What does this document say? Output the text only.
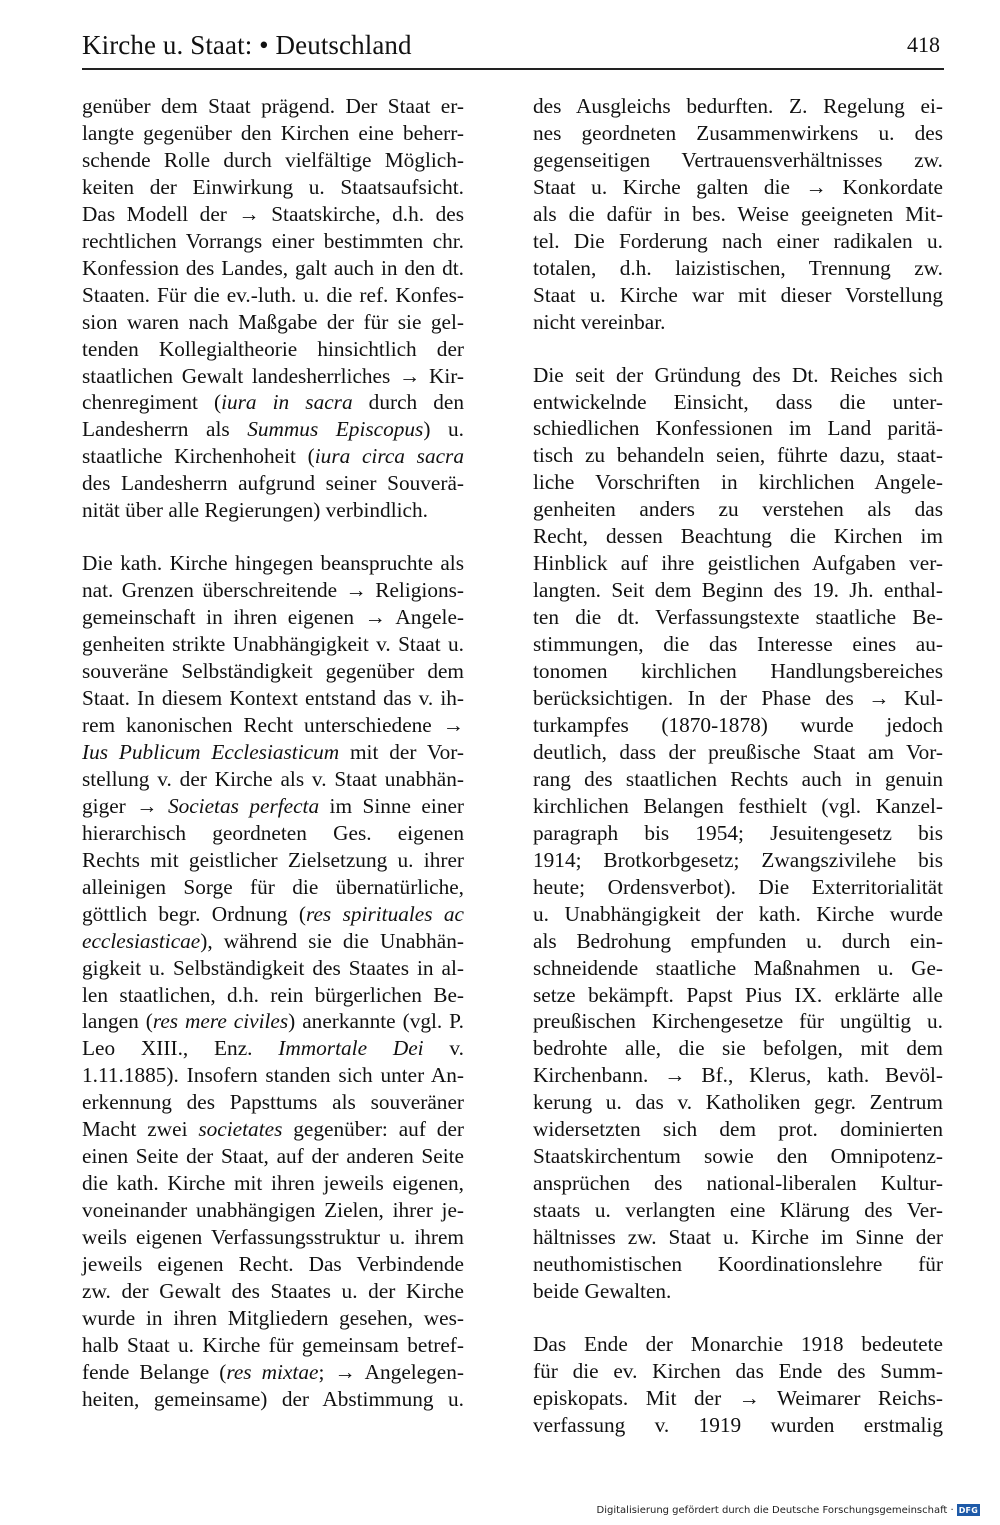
Kirche u. Staat: • Deutschland	418
genüber dem Staat prägend. Der Staat er-
langte gegenüber den Kirchen eine beherr-
schende Rolle durch vielfältige Möglich-
keiten der Einwirkung u. Staatsaufsicht.
Das Modell der → Staatskirche, d.h. des
rechtlichen Vorrangs einer bestimmten chr.
Konfession des Landes, galt auch in den dt.
Staaten. Für die ev.-luth. u. die ref. Konfes-
sion waren nach Maßgabe der für sie gel-
tenden Kollegialtheorie hinsichtlich der
staatlichen Gewalt landesherrliches → Kir-
chenregiment (iura in sacra durch den
Landesherrn als Summus Episcopus) u.
staatliche Kirchenhoheit (iura circa sacra
des Landesherrn aufgrund seiner Souverä-
nität über alle Regierungen) verbindlich.
Die kath. Kirche hingegen beanspruchte als
nat. Grenzen überschreitende → Religions-
gemeinschaft in ihren eigenen → Angele-
genheiten strikte Unabhängigkeit v. Staat u.
souveräne Selbständigkeit gegenüber dem
Staat. In diesem Kontext entstand das v. ih-
rem kanonischen Recht unterschiedene →
Ius Publicum Ecclesiasticum mit der Vor-
stellung v. der Kirche als v. Staat unabhän-
giger → Societas perfecta im Sinne einer
hierarchisch geordneten Ges. eigenen
Rechts mit geistlicher Zielsetzung u. ihrer
alleinigen Sorge für die übernatürliche,
göttlich begr. Ordnung (res spirituales ac
ecclesiasticae), während sie die Unabhän-
gigkeit u. Selbständigkeit des Staates in al-
len staatlichen, d.h. rein bürgerlichen Be-
langen (res mere civiles) anerkannte (vgl. P.
Leo XIII., Enz. Immortale Dei v.
1.11.1885). Insofern standen sich unter An-
erkennung des Papsttums als souveräner
Macht zwei societates gegenüber: auf der
einen Seite der Staat, auf der anderen Seite
die kath. Kirche mit ihren jeweils eigenen,
voneinander unabhängigen Zielen, ihrer je-
weils eigenen Verfassungsstruktur u. ihrem
jeweils eigenen Recht. Das Verbindende
zw. der Gewalt des Staates u. der Kirche
wurde in ihren Mitgliedern gesehen, wes-
halb Staat u. Kirche für gemeinsam betref-
fende Belange (res mixtae; → Angelegen-
heiten, gemeinsame) der Abstimmung u.
des Ausgleichs bedurften. Z. Regelung ei-
nes geordneten Zusammenwirkens u. des
gegenseitigen Vertrauensverhältnisses zw.
Staat u. Kirche galten die → Konkordate
als die dafür in bes. Weise geeigneten Mit-
tel. Die Forderung nach einer radikalen u.
totalen, d.h. laizistischen, Trennung zw.
Staat u. Kirche war mit dieser Vorstellung
nicht vereinbar.
Die seit der Gründung des Dt. Reiches sich
entwickelnde Einsicht, dass die unter-
schiedlichen Konfessionen im Land paritä-
tisch zu behandeln seien, führte dazu, staat-
liche Vorschriften in kirchlichen Angele-
genheiten anders zu verstehen als das
Recht, dessen Beachtung die Kirchen im
Hinblick auf ihre geistlichen Aufgaben ver-
langten. Seit dem Beginn des 19. Jh. enthal-
ten die dt. Verfassungstexte staatliche Be-
stimmungen, die das Interesse eines au-
tonomen kirchlichen Handlungsbereiches
berücksichtigen. In der Phase des → Kul-
turkampfes (1870-1878) wurde jedoch
deutlich, dass der preußische Staat am Vor-
rang des staatlichen Rechts auch in genuin
kirchlichen Belangen festhielt (vgl. Kanzel-
paragraph bis 1954; Jesuitengesetz bis
1914; Brotkorbgesetz; Zwangszivilehe bis
heute; Ordensverbot). Die Exterritorialität
u. Unabhängigkeit der kath. Kirche wurde
als Bedrohung empfunden u. durch ein-
schneidende staatliche Maßnahmen u. Ge-
setze bekämpft. Papst Pius IX. erklärte alle
preußischen Kirchengesetze für ungültig u.
bedrohte alle, die sie befolgen, mit dem
Kirchenbann. → Bf., Klerus, kath. Bevöl-
kerung u. das v. Katholiken gegr. Zentrum
widersetzten sich dem prot. dominierten
Staatskirchentum sowie den Omnipotenz-
ansprüchen des national-liberalen Kultur-
staats u. verlangten eine Klärung des Ver-
hältnisses zw. Staat u. Kirche im Sinne der
neuthomistischen Koordinationslehre für
beide Gewalten.
Das Ende der Monarchie 1918 bedeutete
für die ev. Kirchen das Ende des Summ-
episkopats. Mit der → Weimarer Reichs-
verfassung v. 1919 wurden erstmalig
Digitalisierung gefördert durch die Deutsche Forschungsgemeinschaft · DFG
